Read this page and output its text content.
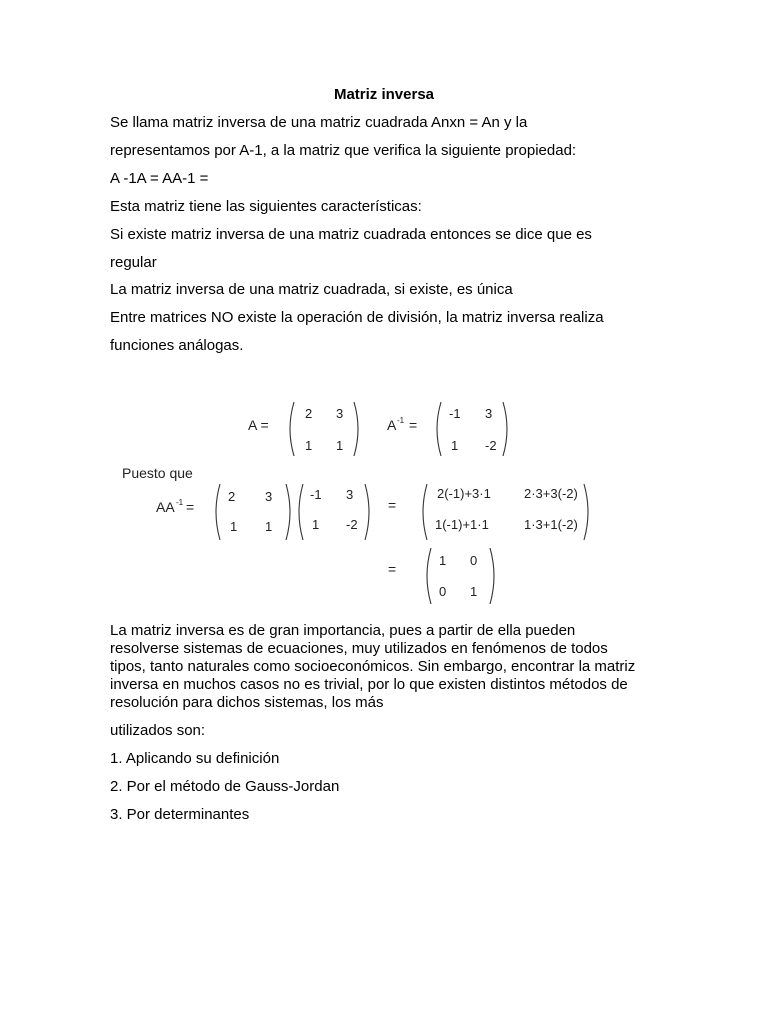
Matriz inversa
Se llama matriz inversa de una matriz cuadrada Anxn = An y la
representamos por A-1, a la matriz que verifica la siguiente propiedad:
A -1A = AA-1 =
Esta matriz tiene las siguientes características:
Si existe matriz inversa de una matriz cuadrada entonces se dice que es
regular
La matriz inversa de una matriz cuadrada, si existe, es única
Entre matrices NO existe la operación de división, la matriz inversa realiza
funciones análogas.
A =
2 3
1 1
A -1 =
-1 3
1 -2
Puesto que
AA -1 =
2 3
1 1
-1 3
1 -2
=
2(-1)+3·1	2·3+3(-2)
1(-1)+1·1	1·3+1(-2)
=
1 0
0 1

La matriz inversa es de gran importancia, pues a partir de ella pueden

resolverse sistemas de ecuaciones, muy utilizados en fenómenos de todos

tipos, tanto naturales como socioeconómicos. Sin embargo, encontrar la matriz

inversa en muchos casos no es trivial, por lo que existen distintos métodos de

resolución para dichos sistemas, los más

utilizados son:
1. Aplicando su definición
2. Por el método de Gauss-Jordan
3. Por determinantes
